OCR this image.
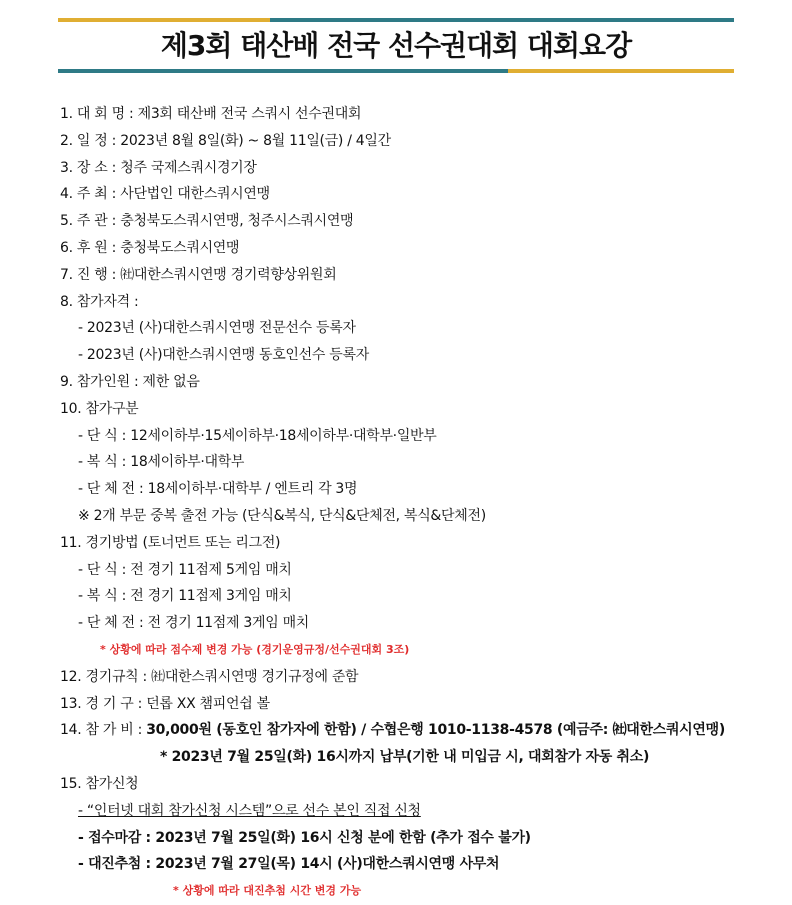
제3회 태산배 전국 선수권대회 대회요강
1. 대 회 명 : 제3회 태산배 전국 스쿼시 선수권대회
2. 일 정 : 2023년 8월 8일(화) ~ 8월 11일(금) / 4일간
3. 장 소 : 청주 국제스쿼시경기장
4. 주 최 : 사단법인 대한스쿼시연맹
5. 주 관 : 충청북도스쿼시연맹, 청주시스쿼시연맹
6. 후 원 : 충청북도스쿼시연맹
7. 진 행 : ㈳대한스쿼시연맹 경기력향상위원회
8. 참가자격 :
- 2023년 (사)대한스쿼시연맹 전문선수 등록자
- 2023년 (사)대한스쿼시연맹 동호인선수 등록자
9. 참가인원 : 제한 없음
10. 참가구분
- 단 식 : 12세이하부·15세이하부·18세이하부·대학부·일반부
- 복 식 : 18세이하부·대학부
- 단 체 전 : 18세이하부·대학부 / 엔트리 각 3명
※ 2개 부문 중복 출전 가능 (단식&복식, 단식&단체전, 복식&단체전)
11. 경기방법 (토너먼트 또는 리그전)
- 단 식 : 전 경기 11점제 5게임 매치
- 복 식 : 전 경기 11점제 3게임 매치
- 단 체 전 : 전 경기 11점제 3게임 매치
* 상황에 따라 점수제 변경 가능 (경기운영규정/선수권대회 3조)
12. 경기규칙 : ㈳대한스쿼시연맹 경기규정에 준함
13. 경 기 구 : 던롭 XX 챔피언쉽 볼
14. 참 가 비 : 30,000원 (동호인 참가자에 한함) / 수협은행 1010-1138-4578 (예금주: ㈳대한스쿼시연맹)
* 2023년 7월 25일(화) 16시까지 납부(기한 내 미입금 시, 대회참가 자동 취소)
15. 참가신청
- “인터넷 대회 참가신청 시스템”으로 선수 본인 직접 신청
- 접수마감 : 2023년 7월 25일(화) 16시 신청 분에 한함 (추가 접수 불가)
- 대진추첨 : 2023년 7월 27일(목) 14시 (사)대한스쿼시연맹 사무처
* 상황에 따라 대진추첨 시간 변경 가능
